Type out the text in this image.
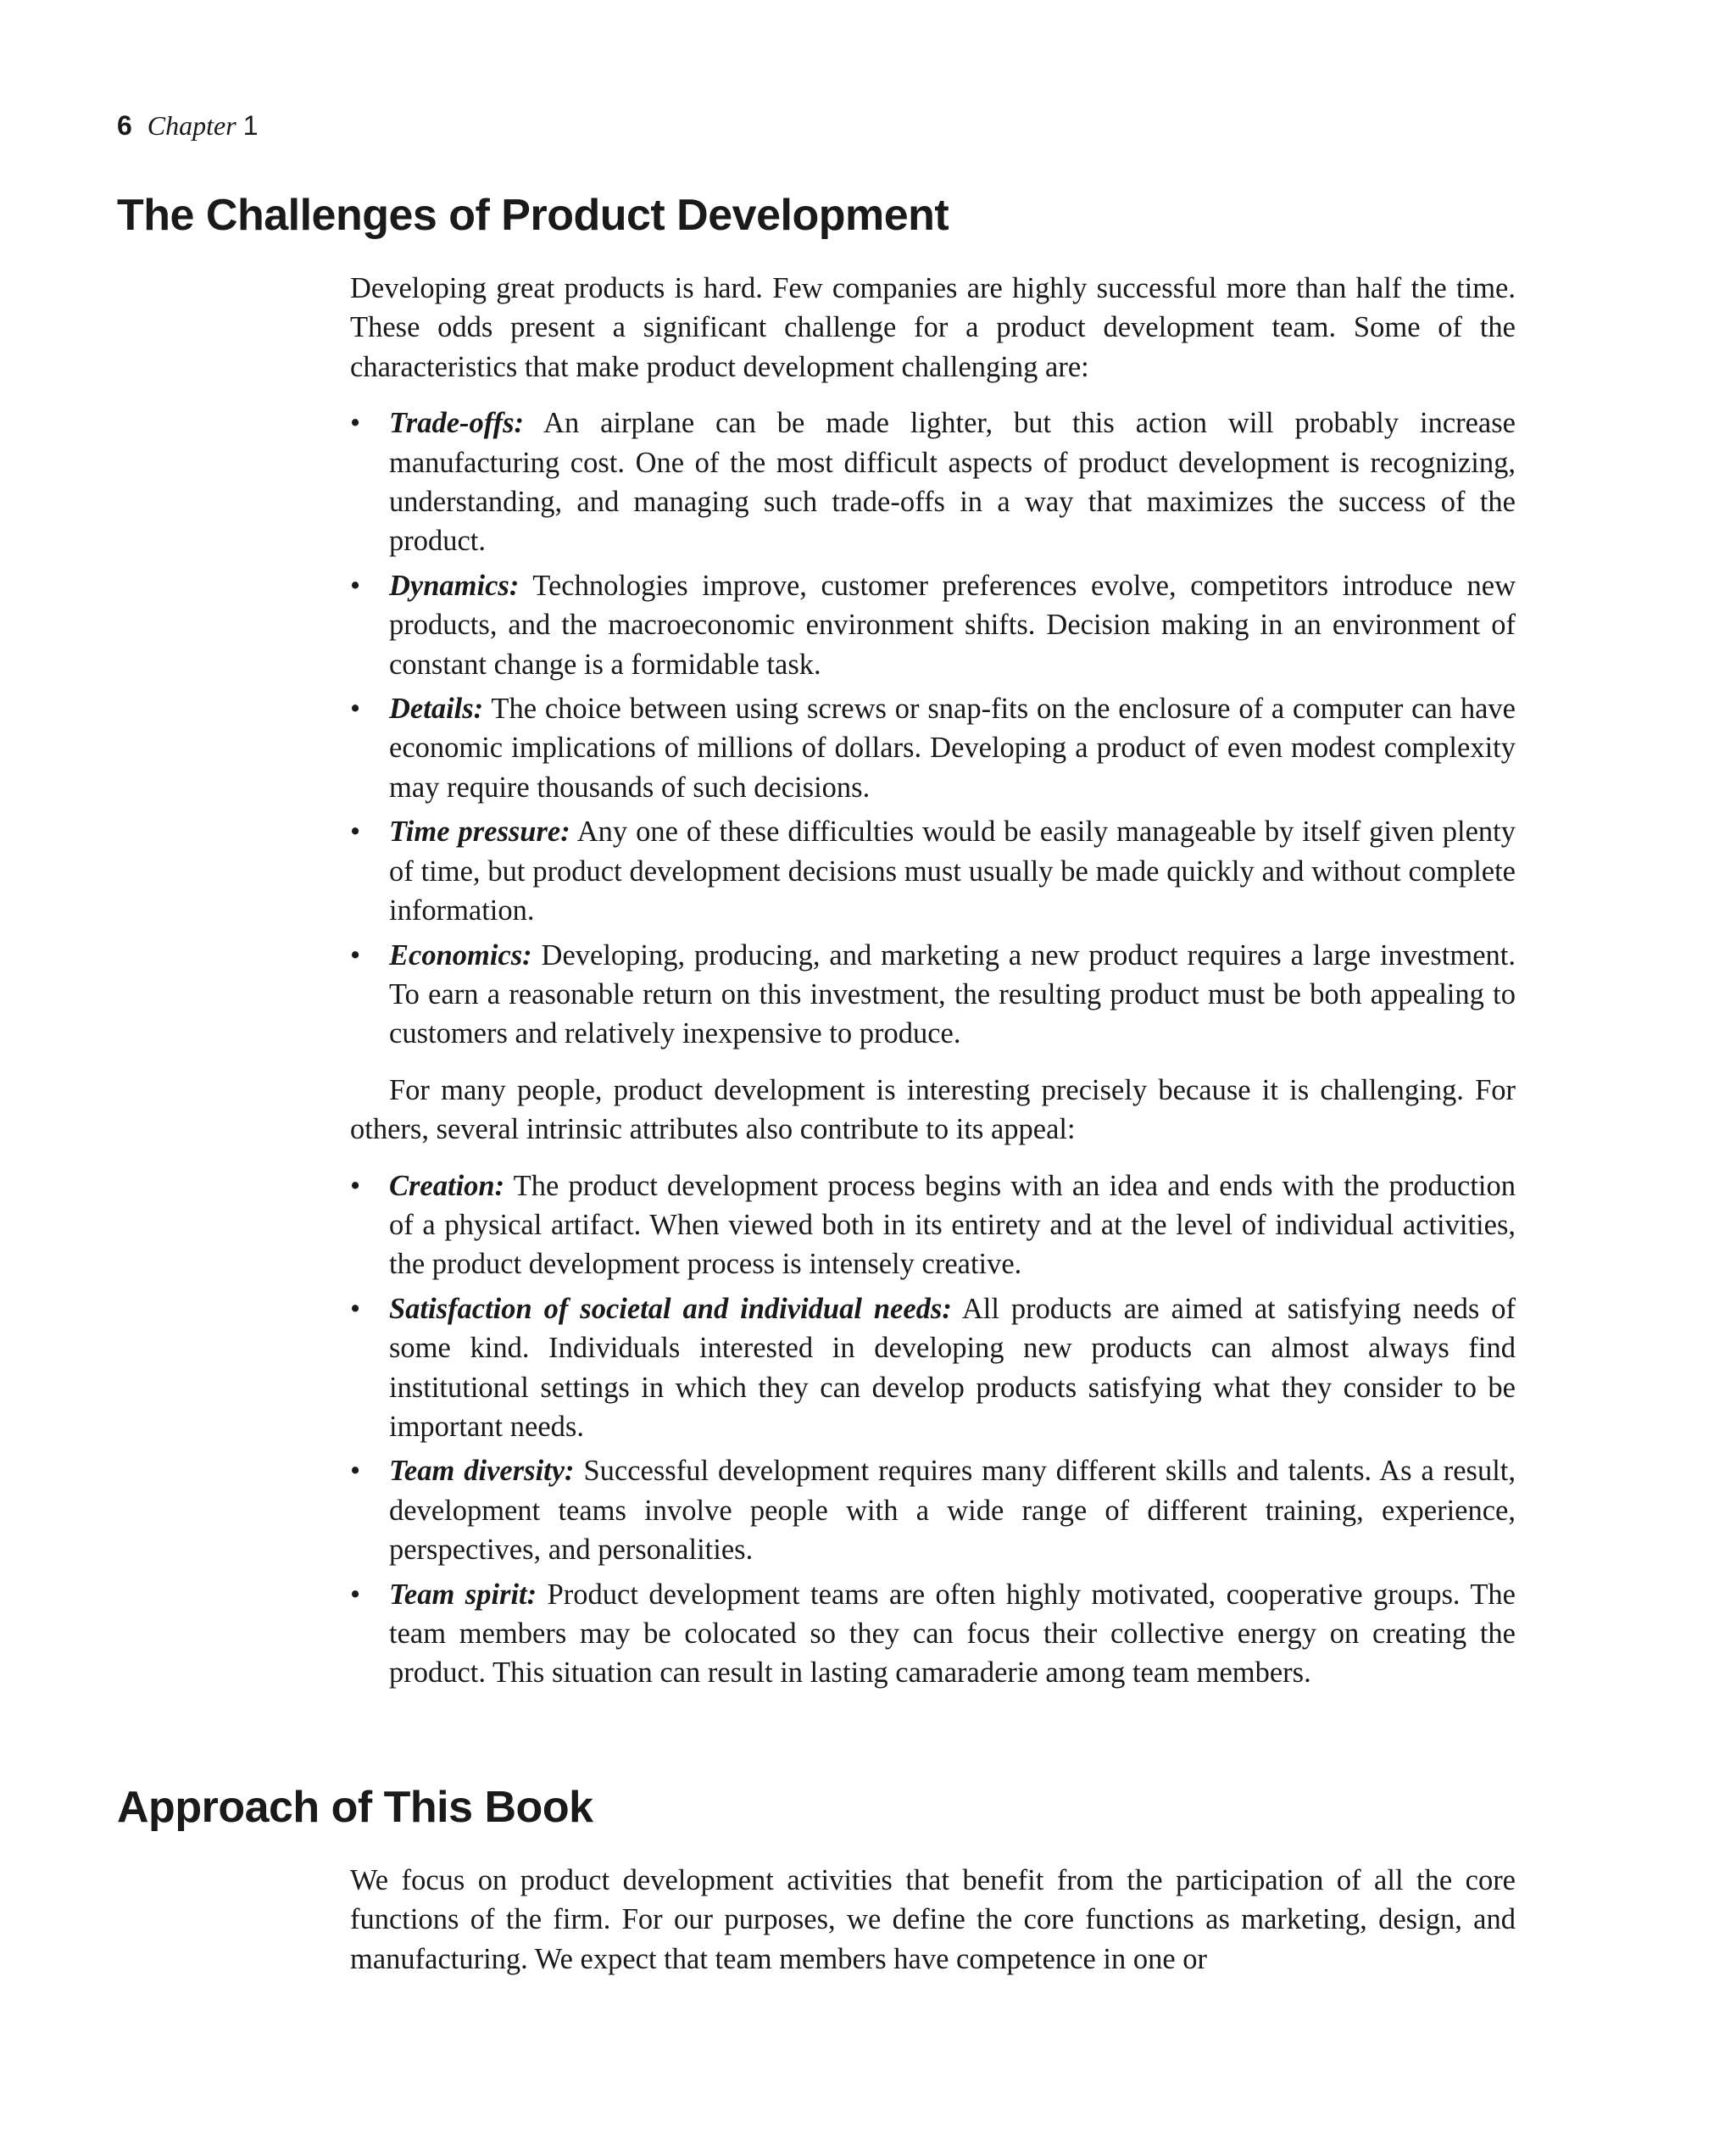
6 Chapter 1
The Challenges of Product Development

Developing great products is hard. Few companies are highly successful more than half the time. These odds present a significant challenge for a product development team. Some of the characteristics that make product development challenging are:

• Trade-offs: An airplane can be made lighter, but this action will probably increase manufacturing cost. One of the most difficult aspects of product development is recognizing, understanding, and managing such trade-offs in a way that maximizes the success of the product.
• Dynamics: Technologies improve, customer preferences evolve, competitors introduce new products, and the macroeconomic environment shifts. Decision making in an environment of constant change is a formidable task.
• Details: The choice between using screws or snap-fits on the enclosure of a computer can have economic implications of millions of dollars. Developing a product of even modest complexity may require thousands of such decisions.
• Time pressure: Any one of these difficulties would be easily manageable by itself given plenty of time, but product development decisions must usually be made quickly and without complete information.
• Economics: Developing, producing, and marketing a new product requires a large investment. To earn a reasonable return on this investment, the resulting product must be both appealing to customers and relatively inexpensive to produce.

For many people, product development is interesting precisely because it is challenging. For others, several intrinsic attributes also contribute to its appeal:

• Creation: The product development process begins with an idea and ends with the production of a physical artifact. When viewed both in its entirety and at the level of individual activities, the product development process is intensely creative.
• Satisfaction of societal and individual needs: All products are aimed at satisfying needs of some kind. Individuals interested in developing new products can almost always find institutional settings in which they can develop products satisfying what they consider to be important needs.
• Team diversity: Successful development requires many different skills and talents. As a result, development teams involve people with a wide range of different training, experience, perspectives, and personalities.
• Team spirit: Product development teams are often highly motivated, cooperative groups. The team members may be colocated so they can focus their collective energy on creating the product. This situation can result in lasting camaraderie among team members.
Approach of This Book

We focus on product development activities that benefit from the participation of all the core functions of the firm. For our purposes, we define the core functions as marketing, design, and manufacturing. We expect that team members have competence in one or
